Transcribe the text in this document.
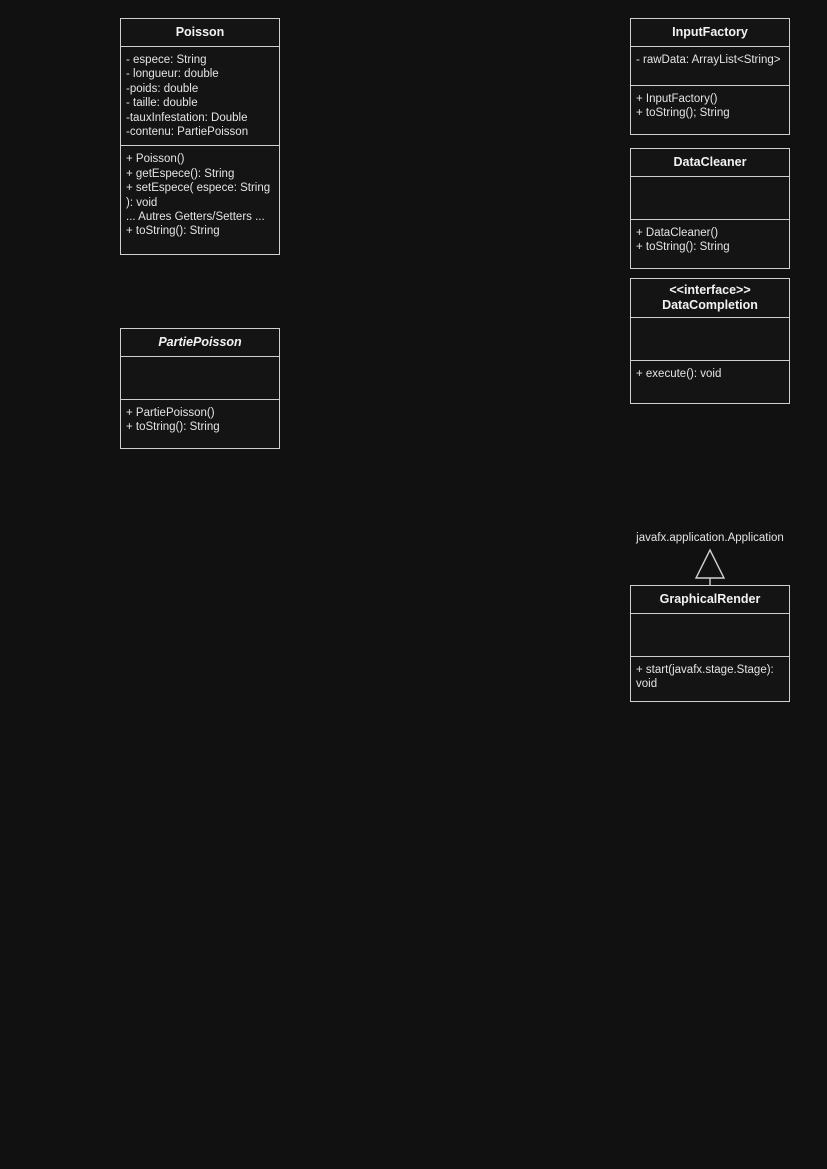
Poisson
- espece: String
- longueur: double
-poids: double
- taille: double
-tauxInfestation: Double
-contenu: PartiePoisson
+ Poisson()
+ getEspece(): String
+ setEspece( espece: String ): void
... Autres Getters/Setters ...
+ toString(): String
PartiePoisson
+ PartiePoisson()
+ toString(): String
InputFactory
- rawData: ArrayList<String>
+ InputFactory()
+ toString(); String
DataCleaner
+ DataCleaner()
+ toString(): String
<<interface>>
DataCompletion
+ execute(): void
javafx.application.Application
GraphicalRender
+ start(javafx.stage.Stage): void
